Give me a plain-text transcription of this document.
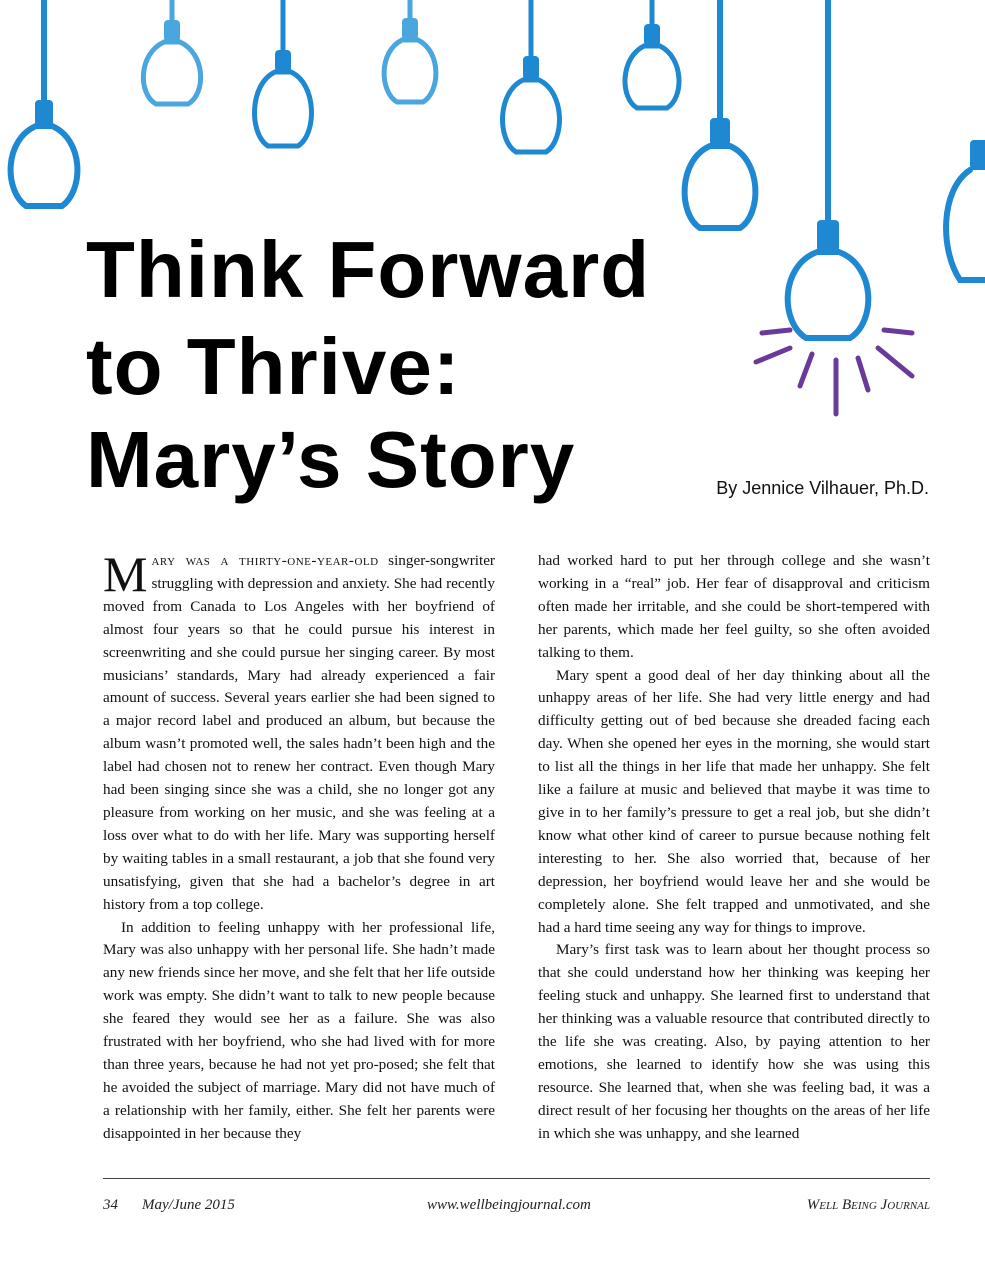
Think Forward
to Thrive:
Mary’s Story	By Jennice Vilhauer, Ph.D.

Mary was a thirty-one-year-old singer-songwriter struggling with depression and anxiety. She had recently moved from Canada to Los Angeles with her boyfriend of almost four years so that he could pursue his interest in screenwriting and she could pursue her singing career. By most musicians’ standards, Mary had already experienced a fair amount of success. Several years earlier she had been signed to a major record label and produced an album, but because the album wasn’t promoted well, the sales hadn’t been high and the label had chosen not to renew her contract. Even though Mary had been singing since she was a child, she no longer got any pleasure from working on her music, and she was feeling at a loss over what to do with her life. Mary was supporting herself by waiting tables in a small restaurant, a job that she found very unsatisfying, given that she had a bachelor’s degree in art history from a top college.

In addition to feeling unhappy with her professional life, Mary was also unhappy with her personal life. She hadn’t made any new friends since her move, and she felt that her life outside work was empty. She didn’t want to talk to new people because she feared they would see her as a failure. She was also frustrated with her boyfriend, who she had lived with for more than three years, because he had not yet pro-posed; she felt that he avoided the subject of marriage. Mary did not have much of a relationship with her family, either. She felt her parents were disappointed in her because they

had worked hard to put her through college and she wasn’t working in a “real” job. Her fear of disapproval and criticism often made her irritable, and she could be short-tempered with her parents, which made her feel guilty, so she often avoided talking to them.

Mary spent a good deal of her day thinking about all the unhappy areas of her life. She had very little energy and had difficulty getting out of bed because she dreaded facing each day. When she opened her eyes in the morning, she would start to list all the things in her life that made her unhappy. She felt like a failure at music and believed that maybe it was time to give in to her family’s pressure to get a real job, but she didn’t know what other kind of career to pursue because nothing felt interesting to her. She also worried that, because of her depression, her boyfriend would leave her and she would be completely alone. She felt trapped and unmotivated, and she had a hard time seeing any way for things to improve.

Mary’s first task was to learn about her thought process so that she could understand how her thinking was keeping her feeling stuck and unhappy. She learned first to understand that her thinking was a valuable resource that contributed directly to the life she was creating. Also, by paying attention to her emotions, she learned to identify how she was using this resource. She learned that, when she was feeling bad, it was a direct result of her focusing her thoughts on the areas of her life in which she was unhappy, and she learned

34 May/June 2015	www.wellbeingjournal.com	Well Being Journal
